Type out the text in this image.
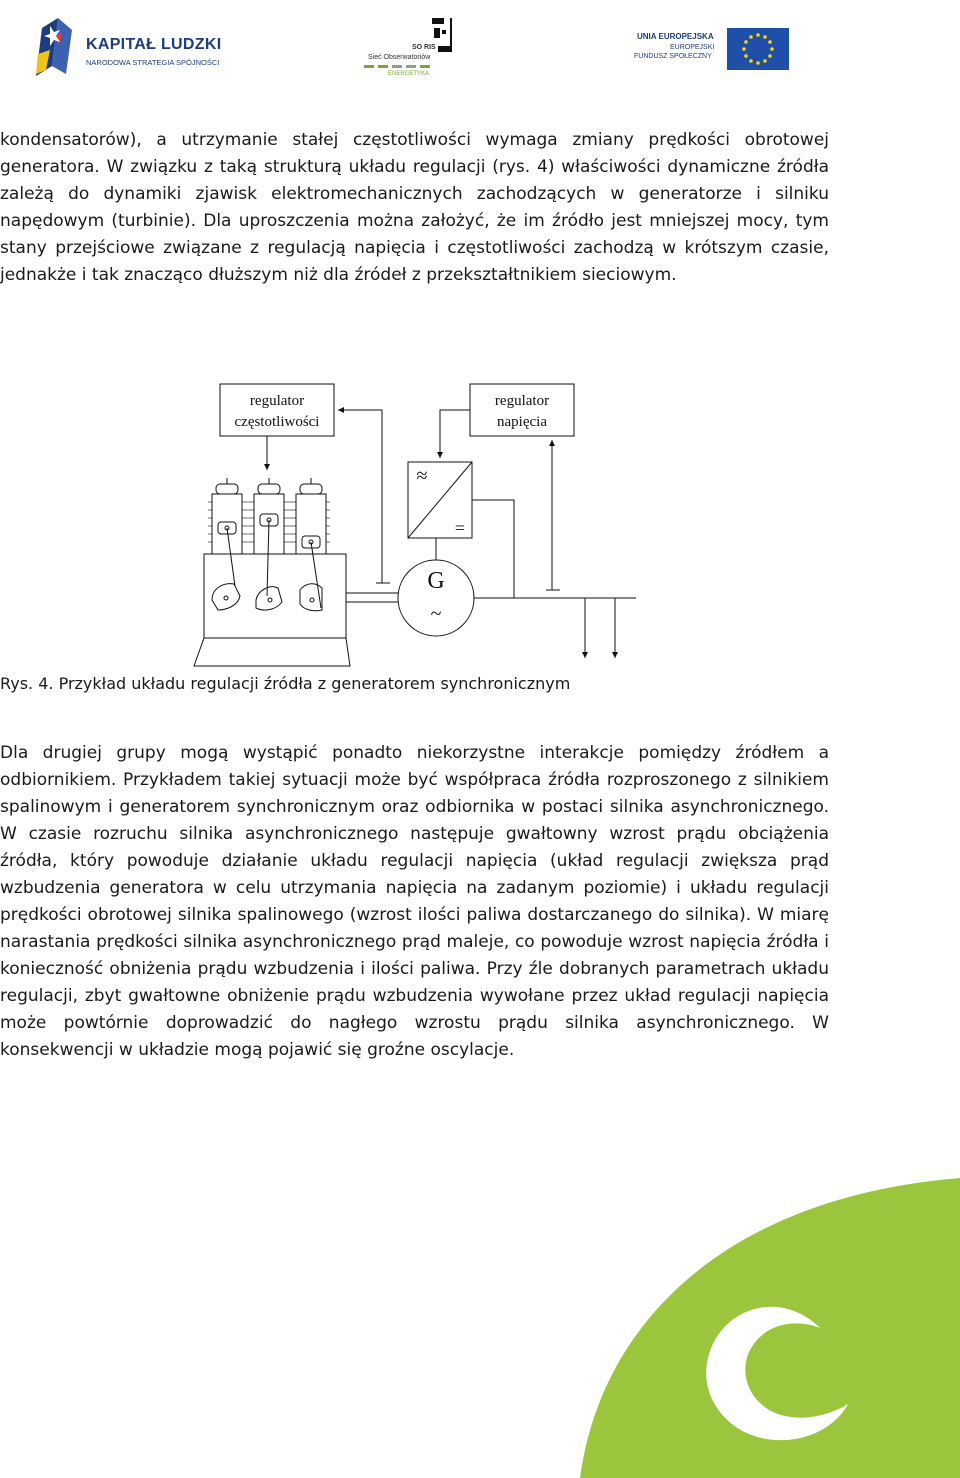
KAPITAŁ LUDZKI
NARODOWA STRATEGIA SPÓJNOŚCI
SO RIS
Sieć Obserwatoriów
ENERGETYKA
UNIA EUROPEJSKA
EUROPEJSKI
FUNDUSZ SPOŁECZNY

kondensatorów), a utrzymanie stałej częstotliwości wymaga zmiany prędkości obrotowej generatora. W związku z taką strukturą układu regulacji (rys. 4) właściwości dynamiczne źródła zależą do dynamiki zjawisk elektromechanicznych zachodzących w generatorze i silniku napędowym (turbinie). Dla uproszczenia można założyć, że im źródło jest mniejszej mocy, tym stany przejściowe związane z regulacją napięcia i częstotliwości zachodzą w krótszym czasie, jednakże i tak znacząco dłuższym niż dla źródeł z przekształtnikiem sieciowym.

regulator
częstotliwości
regulator
napięcia
≈
=
G
~
Rys. 4. Przykład układu regulacji źródła z generatorem synchronicznym

Dla drugiej grupy mogą wystąpić ponadto niekorzystne interakcje pomiędzy źródłem a odbiornikiem. Przykładem takiej sytuacji może być współpraca źródła rozproszonego z silnikiem spalinowym i generatorem synchronicznym oraz odbiornika w postaci silnika asynchronicznego. W czasie rozruchu silnika asynchronicznego następuje gwałtowny wzrost prądu obciążenia źródła, który powoduje działanie układu regulacji napięcia (układ regulacji zwiększa prąd wzbudzenia generatora w celu utrzymania napięcia na zadanym poziomie) i układu regulacji prędkości obrotowej silnika spalinowego (wzrost ilości paliwa dostarczanego do silnika). W miarę narastania prędkości silnika asynchronicznego prąd maleje, co powoduje wzrost napięcia źródła i konieczność obniżenia prądu wzbudzenia i ilości paliwa. Przy źle dobranych parametrach układu regulacji, zbyt gwałtowne obniżenie prądu wzbudzenia wywołane przez układ regulacji napięcia może powtórnie doprowadzić do nagłego wzrostu prądu silnika asynchronicznego. W konsekwencji w układzie mogą pojawić się groźne oscylacje.
